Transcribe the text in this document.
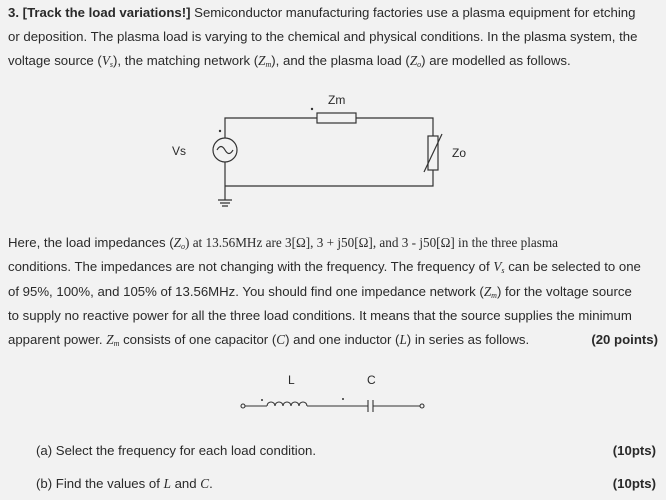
3. [Track the load variations!] Semiconductor manufacturing factories use a plasma equipment for etching
or deposition. The plasma load is varying to the chemical and physical conditions. In the plasma system, the
voltage source $(V_s)$, the matching network $(Z_m)$, and the plasma load $(Z_o)$ are modelled as follows.
Zm
Vs	Zo
Here, the load impedances $(Z_o)$ at 13.56MHz are 3[Ω], 3 + j50[Ω], and 3 - j50[Ω] in the three plasma
conditions. The impedances are not changing with the frequency. The frequency of $V_s$ can be selected to one
of 95%, 100%, and 105% of 13.56MHz. You should find one impedance network $(Z_m)$ for the voltage source
to supply no reactive power for all the three load conditions. It means that the source supplies the minimum
apparent power. $Z_m$ consists of one capacitor (C) and one inductor (L) in series as follows.	(20 points)
L	C
(a) Select the frequency for each load condition.	(10pts)
(b) Find the values of L and C.	(10pts)
